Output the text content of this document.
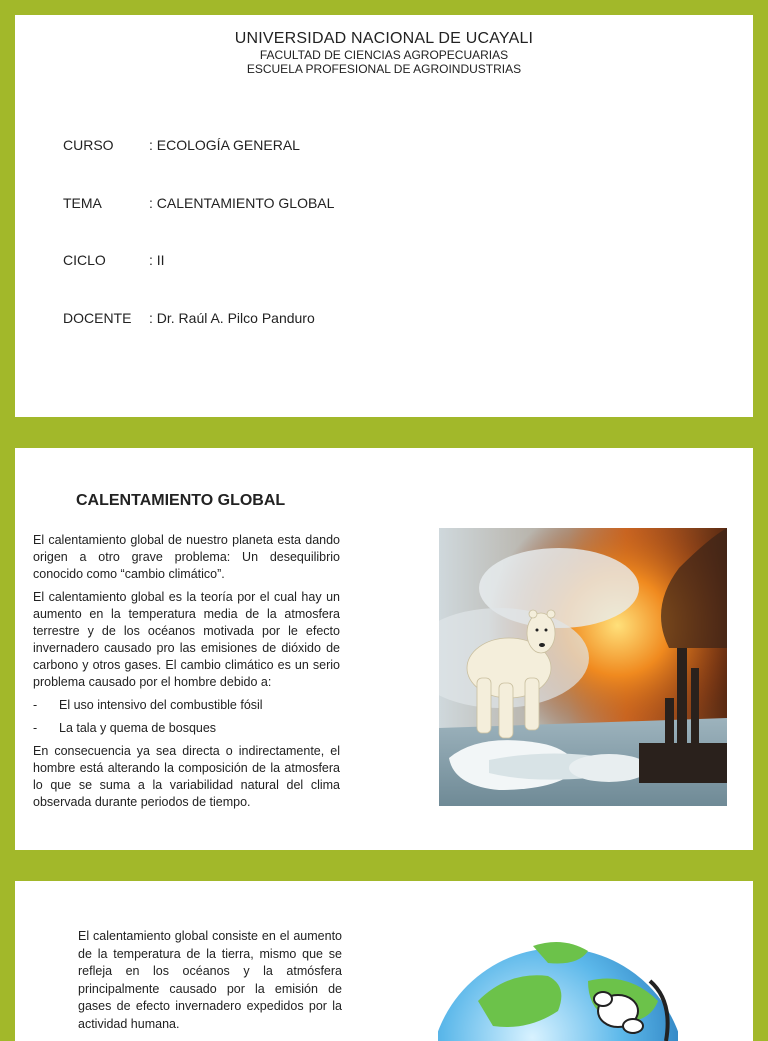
UNIVERSIDAD NACIONAL DE UCAYALI
FACULTAD DE CIENCIAS AGROPECUARIAS
ESCUELA PROFESIONAL DE AGROINDUSTRIAS
CURSO	: ECOLOGÍA GENERAL
TEMA	: CALENTAMIENTO GLOBAL
CICLO	: II
DOCENTE : Dr. Raúl A. Pilco Panduro
CALENTAMIENTO GLOBAL

El calentamiento global de nuestro planeta esta dando origen a otro grave problema: Un desequilibrio conocido como “cambio climático”.

El calentamiento global es la teoría por el cual hay un aumento en la temperatura media de la atmosfera terrestre y de los océanos motivada por le efecto invernadero causado pro las emisiones de dióxido de carbono y otros gases. El cambio climático es un serio problema causado por el hombre debido a:

-	El uso intensivo del combustible fósil
-	La tala y quema de bosques

En consecuencia ya sea directa o indirectamente, el hombre está alterando la composición de la atmosfera lo que se suma a la variabilidad natural del clima observada durante periodos de tiempo.

El calentamiento global consiste en el aumento de la temperatura de la tierra, mismo que se refleja en los océanos y la atmósfera principalmente causado por la emisión de gases de efecto invernadero expedidos por la actividad humana.
